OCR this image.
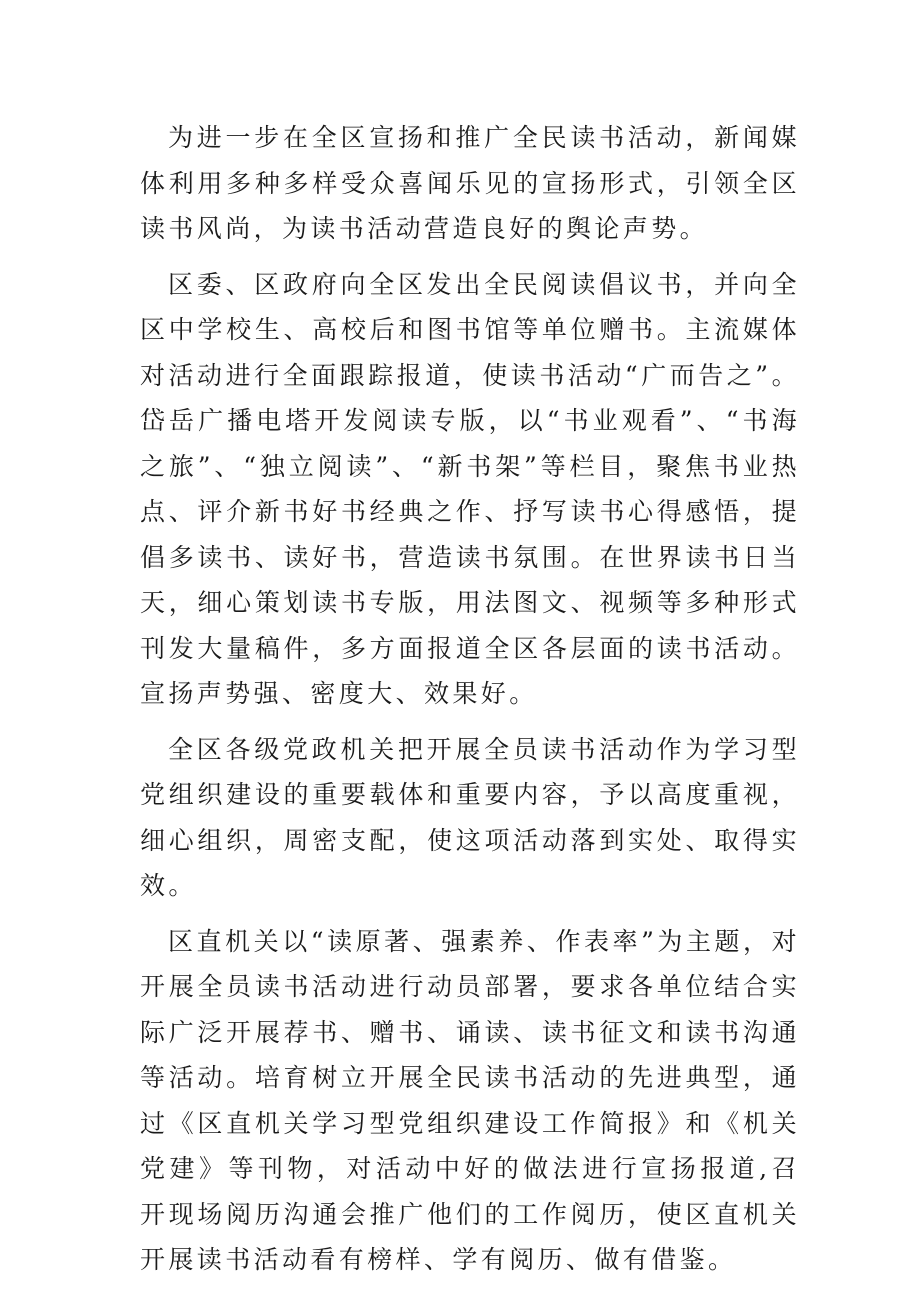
为进一步在全区宣扬和推广全民读书活动，新闻媒体利用多种多样受众喜闻乐见的宣扬形式，引领全区读书风尚，为读书活动营造良好的舆论声势。

区委、区政府向全区发出全民阅读倡议书，并向全区中学校生、高校后和图书馆等单位赠书。主流媒体对活动进行全面跟踪报道，使读书活动“广而告之”。岱岳广播电塔开发阅读专版，以“书业观看”、“书海之旅”、“独立阅读”、“新书架”等栏目，聚焦书业热点、评介新书好书经典之作、抒写读书心得感悟，提倡多读书、读好书，营造读书氛围。在世界读书日当天，细心策划读书专版，用法图文、视频等多种形式刊发大量稿件，多方面报道全区各层面的读书活动。宣扬声势强、密度大、效果好。

全区各级党政机关把开展全员读书活动作为学习型党组织建设的重要载体和重要内容，予以高度重视，细心组织，周密支配，使这项活动落到实处、取得实效。

区直机关以“读原著、强素养、作表率”为主题，对开展全员读书活动进行动员部署，要求各单位结合实际广泛开展荐书、赠书、诵读、读书征文和读书沟通等活动。培育树立开展全民读书活动的先进典型，通过《区直机关学习型党组织建设工作简报》和《机关党建》等刊物，对活动中好的做法进行宣扬报道,召开现场阅历沟通会推广他们的工作阅历，使区直机关开展读书活动看有榜样、学有阅历、做有借鉴。
